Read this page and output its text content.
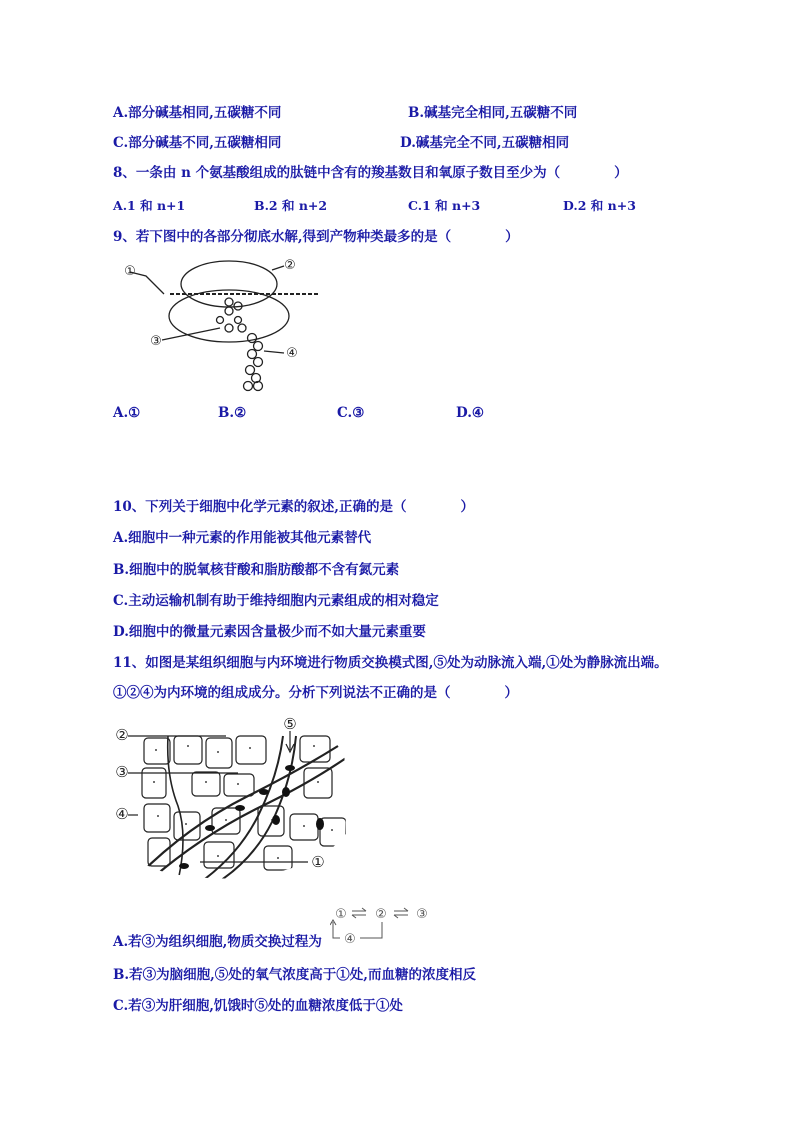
A.部分碱基相同,五碳糖不同	B.碱基完全相同,五碳糖不同
C.部分碱基不同,五碳糖相同	D.碱基完全不同,五碳糖相同
8、一条由 n 个氨基酸组成的肽链中含有的羧基数目和氧原子数目至少为（　　　　）
A.1 和 n+1	B.2 和 n+2	C.1 和 n+3	D.2 和 n+3
9、若下图中的各部分彻底水解,得到产物种类最多的是（　　　　）
①	②
③
④
A.①	B.②	C.③	D.④
10、下列关于细胞中化学元素的叙述,正确的是（　　　　）
A.细胞中一种元素的作用能被其他元素替代
B.细胞中的脱氧核苷酸和脂肪酸都不含有氮元素
C.主动运输机制有助于维持细胞内元素组成的相对稳定
D.细胞中的微量元素因含量极少而不如大量元素重要
11、如图是某组织细胞与内环境进行物质交换模式图,⑤处为动脉流入端,①处为静脉流出端。
①②④为内环境的组成成分。分析下列说法不正确的是（　　　　）
②
③
④
⑤
①
① ② ③
④
A.若③为组织细胞,物质交换过程为
B.若③为脑细胞,⑤处的氧气浓度高于①处,而血糖的浓度相反
C.若③为肝细胞,饥饿时⑤处的血糖浓度低于①处
